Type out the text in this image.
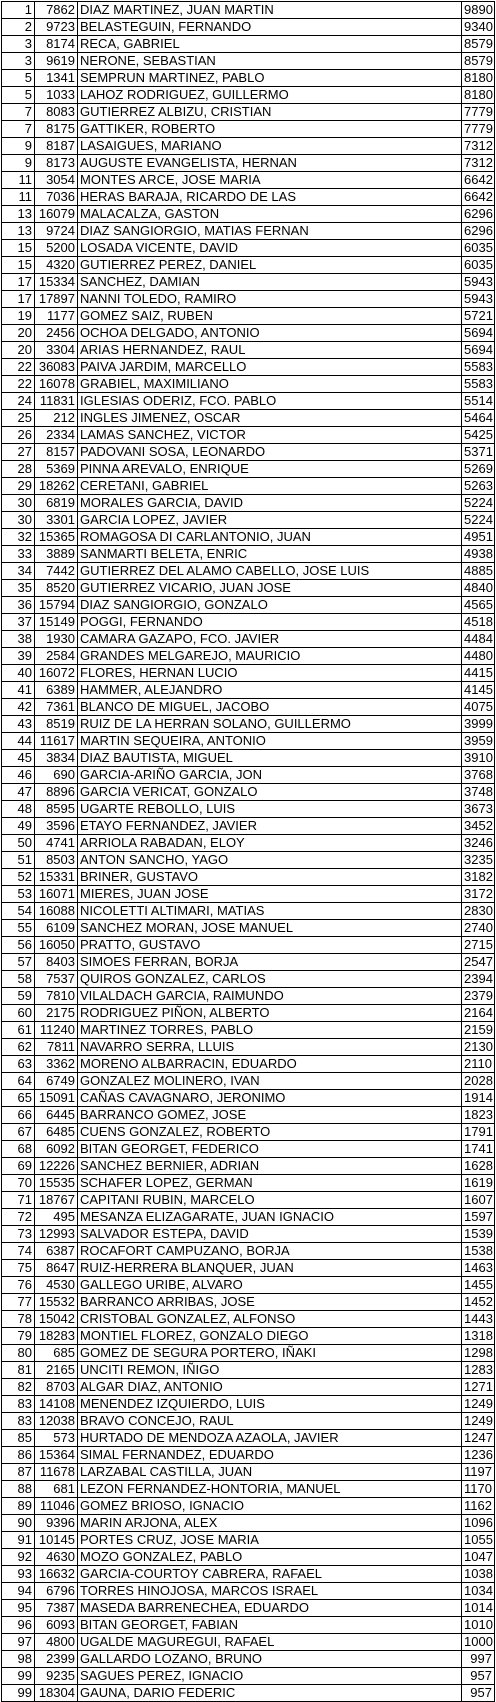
1	7862	DIAZ MARTINEZ, JUAN MARTIN	9890
2	9723	BELASTEGUIN, FERNANDO	9340
3	8174	RECA, GABRIEL	8579
3	9619	NERONE, SEBASTIAN	8579
5	1341	SEMPRUN MARTINEZ, PABLO	8180
5	1033	LAHOZ RODRIGUEZ, GUILLERMO	8180
7	8083	GUTIERREZ ALBIZU, CRISTIAN	7779
7	8175	GATTIKER, ROBERTO	7779
9	8187	LASAIGUES, MARIANO	7312
9	8173	AUGUSTE EVANGELISTA, HERNAN	7312
11	3054	MONTES ARCE, JOSE MARIA	6642
11	7036	HERAS BARAJA, RICARDO DE LAS	6642
13	16079	MALACALZA, GASTON	6296
13	9724	DIAZ SANGIORGIO, MATIAS FERNAN	6296
15	5200	LOSADA VICENTE, DAVID	6035
15	4320	GUTIERREZ PEREZ, DANIEL	6035
17	15334	SANCHEZ, DAMIAN	5943
17	17897	NANNI TOLEDO, RAMIRO	5943
19	1177	GOMEZ SAIZ, RUBEN	5721
20	2456	OCHOA DELGADO, ANTONIO	5694
20	3304	ARIAS HERNANDEZ, RAUL	5694
22	36083	PAIVA JARDIM, MARCELLO	5583
22	16078	GRABIEL, MAXIMILIANO	5583
24	11831	IGLESIAS ODERIZ, FCO. PABLO	5514
25	212	INGLES JIMENEZ, OSCAR	5464
26	2334	LAMAS SANCHEZ, VICTOR	5425
27	8157	PADOVANI SOSA, LEONARDO	5371
28	5369	PINNA AREVALO, ENRIQUE	5269
29	18262	CERETANI, GABRIEL	5263
30	6819	MORALES GARCIA, DAVID	5224
30	3301	GARCIA LOPEZ, JAVIER	5224
32	15365	ROMAGOSA DI CARLANTONIO, JUAN	4951
33	3889	SANMARTI BELETA, ENRIC	4938
34	7442	GUTIERREZ DEL ALAMO CABELLO, JOSE LUIS	4885
35	8520	GUTIERREZ VICARIO, JUAN JOSE	4840
36	15794	DIAZ SANGIORGIO, GONZALO	4565
37	15149	POGGI, FERNANDO	4518
38	1930	CAMARA GAZAPO, FCO. JAVIER	4484
39	2584	GRANDES MELGAREJO, MAURICIO	4480
40	16072	FLORES, HERNAN LUCIO	4415
41	6389	HAMMER, ALEJANDRO	4145
42	7361	BLANCO DE MIGUEL, JACOBO	4075
43	8519	RUIZ DE LA HERRAN SOLANO, GUILLERMO	3999
44	11617	MARTIN SEQUEIRA, ANTONIO	3959
45	3834	DIAZ BAUTISTA, MIGUEL	3910
46	690	GARCIA-ARIÑO GARCIA, JON	3768
47	8896	GARCIA VERICAT, GONZALO	3748
48	8595	UGARTE REBOLLO, LUIS	3673
49	3596	ETAYO FERNANDEZ, JAVIER	3452
50	4741	ARRIOLA RABADAN, ELOY	3246
51	8503	ANTON SANCHO, YAGO	3235
52	15331	BRINER, GUSTAVO	3182
53	16071	MIERES, JUAN JOSE	3172
54	16088	NICOLETTI ALTIMARI, MATIAS	2830
55	6109	SANCHEZ MORAN, JOSE MANUEL	2740
56	16050	PRATTO, GUSTAVO	2715
57	8403	SIMOES FERRAN, BORJA	2547
58	7537	QUIROS GONZALEZ, CARLOS	2394
59	7810	VILALDACH GARCIA, RAIMUNDO	2379
60	2175	RODRIGUEZ PIÑON, ALBERTO	2164
61	11240	MARTINEZ TORRES, PABLO	2159
62	7811	NAVARRO SERRA, LLUIS	2130
63	3362	MORENO ALBARRACIN, EDUARDO	2110
64	6749	GONZALEZ MOLINERO, IVAN	2028
65	15091	CAÑAS CAVAGNARO, JERONIMO	1914
66	6445	BARRANCO GOMEZ, JOSE	1823
67	6485	CUENS GONZALEZ, ROBERTO	1791
68	6092	BITAN GEORGET, FEDERICO	1741
69	12226	SANCHEZ BERNIER, ADRIAN	1628
70	15535	SCHAFER LOPEZ, GERMAN	1619
71	18767	CAPITANI RUBIN, MARCELO	1607
72	495	MESANZA ELIZAGARATE, JUAN IGNACIO	1597
73	12993	SALVADOR ESTEPA, DAVID	1539
74	6387	ROCAFORT CAMPUZANO, BORJA	1538
75	8647	RUIZ-HERRERA BLANQUER, JUAN	1463
76	4530	GALLEGO URIBE, ALVARO	1455
77	15532	BARRANCO ARRIBAS, JOSE	1452
78	15042	CRISTOBAL GONZALEZ, ALFONSO	1443
79	18283	MONTIEL FLOREZ, GONZALO DIEGO	1318
80	685	GOMEZ DE SEGURA PORTERO, IÑAKI	1298
81	2165	UNCITI REMON, IÑIGO	1283
82	8703	ALGAR DIAZ, ANTONIO	1271
83	14108	MENENDEZ IZQUIERDO, LUIS	1249
83	12038	BRAVO CONCEJO, RAUL	1249
85	573	HURTADO DE MENDOZA AZAOLA, JAVIER	1247
86	15364	SIMAL FERNANDEZ, EDUARDO	1236
87	11678	LARZABAL CASTILLA, JUAN	1197
88	681	LEZON FERNANDEZ-HONTORIA, MANUEL	1170
89	11046	GOMEZ BRIOSO, IGNACIO	1162
90	9396	MARIN ARJONA, ALEX	1096
91	10145	PORTES CRUZ, JOSE MARIA	1055
92	4630	MOZO GONZALEZ, PABLO	1047
93	16632	GARCIA-COURTOY CABRERA, RAFAEL	1038
94	6796	TORRES HINOJOSA, MARCOS ISRAEL	1034
95	7387	MASEDA BARRENECHEA, EDUARDO	1014
96	6093	BITAN GEORGET, FABIAN	1010
97	4800	UGALDE MAGUREGUI, RAFAEL	1000
98	2399	GALLARDO LOZANO, BRUNO	997
99	9235	SAGUES PEREZ, IGNACIO	957
99	18304	GAUNA, DARIO FEDERIC	957
